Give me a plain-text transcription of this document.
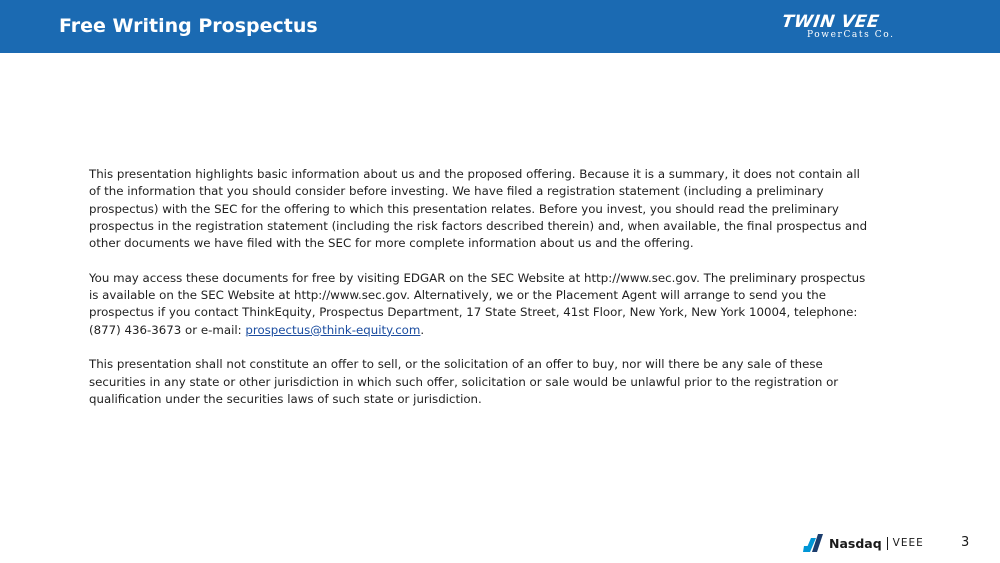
Free Writing Prospectus	TWIN VEE
PowerCats Co.

This presentation highlights basic information about us and the proposed offering. Because it is a summary, it does not contain all
of the information that you should consider before investing. We have filed a registration statement (including a preliminary
prospectus) with the SEC for the offering to which this presentation relates. Before you invest, you should read the preliminary
prospectus in the registration statement (including the risk factors described therein) and, when available, the final prospectus and
other documents we have filed with the SEC for more complete information about us and the offering.

You may access these documents for free by visiting EDGAR on the SEC Website at http://www.sec.gov. The preliminary prospectus
is available on the SEC Website at http://www.sec.gov. Alternatively, we or the Placement Agent will arrange to send you the
prospectus if you contact ThinkEquity, Prospectus Department, 17 State Street, 41st Floor, New York, New York 10004, telephone:
(877) 436-3673 or e-mail: prospectus@think-equity.com.

This presentation shall not constitute an offer to sell, or the solicitation of an offer to buy, nor will there be any sale of these
securities in any state or other jurisdiction in which such offer, solicitation or sale would be unlawful prior to the registration or
qualification under the securities laws of such state or jurisdiction.

Nasdaq VEEE	3
